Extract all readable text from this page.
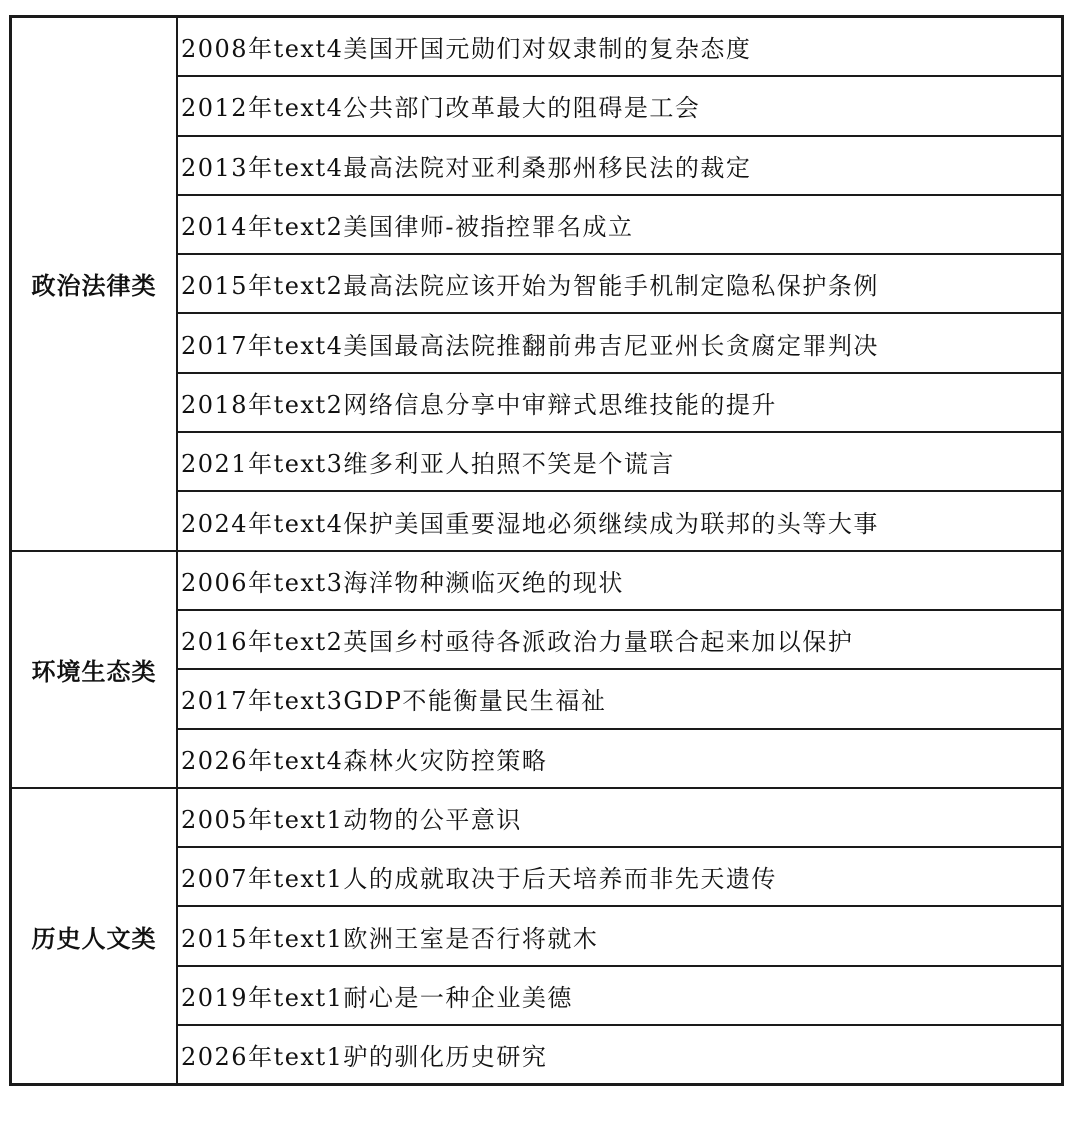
政治法律类	2008年text4美国开国元勋们对奴隶制的复杂态度
	2012年text4公共部门改革最大的阻碍是工会
	2013年text4最高法院对亚利桑那州移民法的裁定
	2014年text2美国律师-被指控罪名成立
	2015年text2最高法院应该开始为智能手机制定隐私保护条例
	2017年text4美国最高法院推翻前弗吉尼亚州长贪腐定罪判决
	2018年text2网络信息分享中审辩式思维技能的提升
	2021年text3维多利亚人拍照不笑是个谎言
	2024年text4保护美国重要湿地必须继续成为联邦的头等大事
环境生态类	2006年text3海洋物种濒临灭绝的现状
	2016年text2英国乡村亟待各派政治力量联合起来加以保护
	2017年text3GDP不能衡量民生福祉
	2026年text4森林火灾防控策略
历史人文类	2005年text1动物的公平意识
	2007年text1人的成就取决于后天培养而非先天遗传
	2015年text1欧洲王室是否行将就木
	2019年text1耐心是一种企业美德
	2026年text1驴的驯化历史研究
